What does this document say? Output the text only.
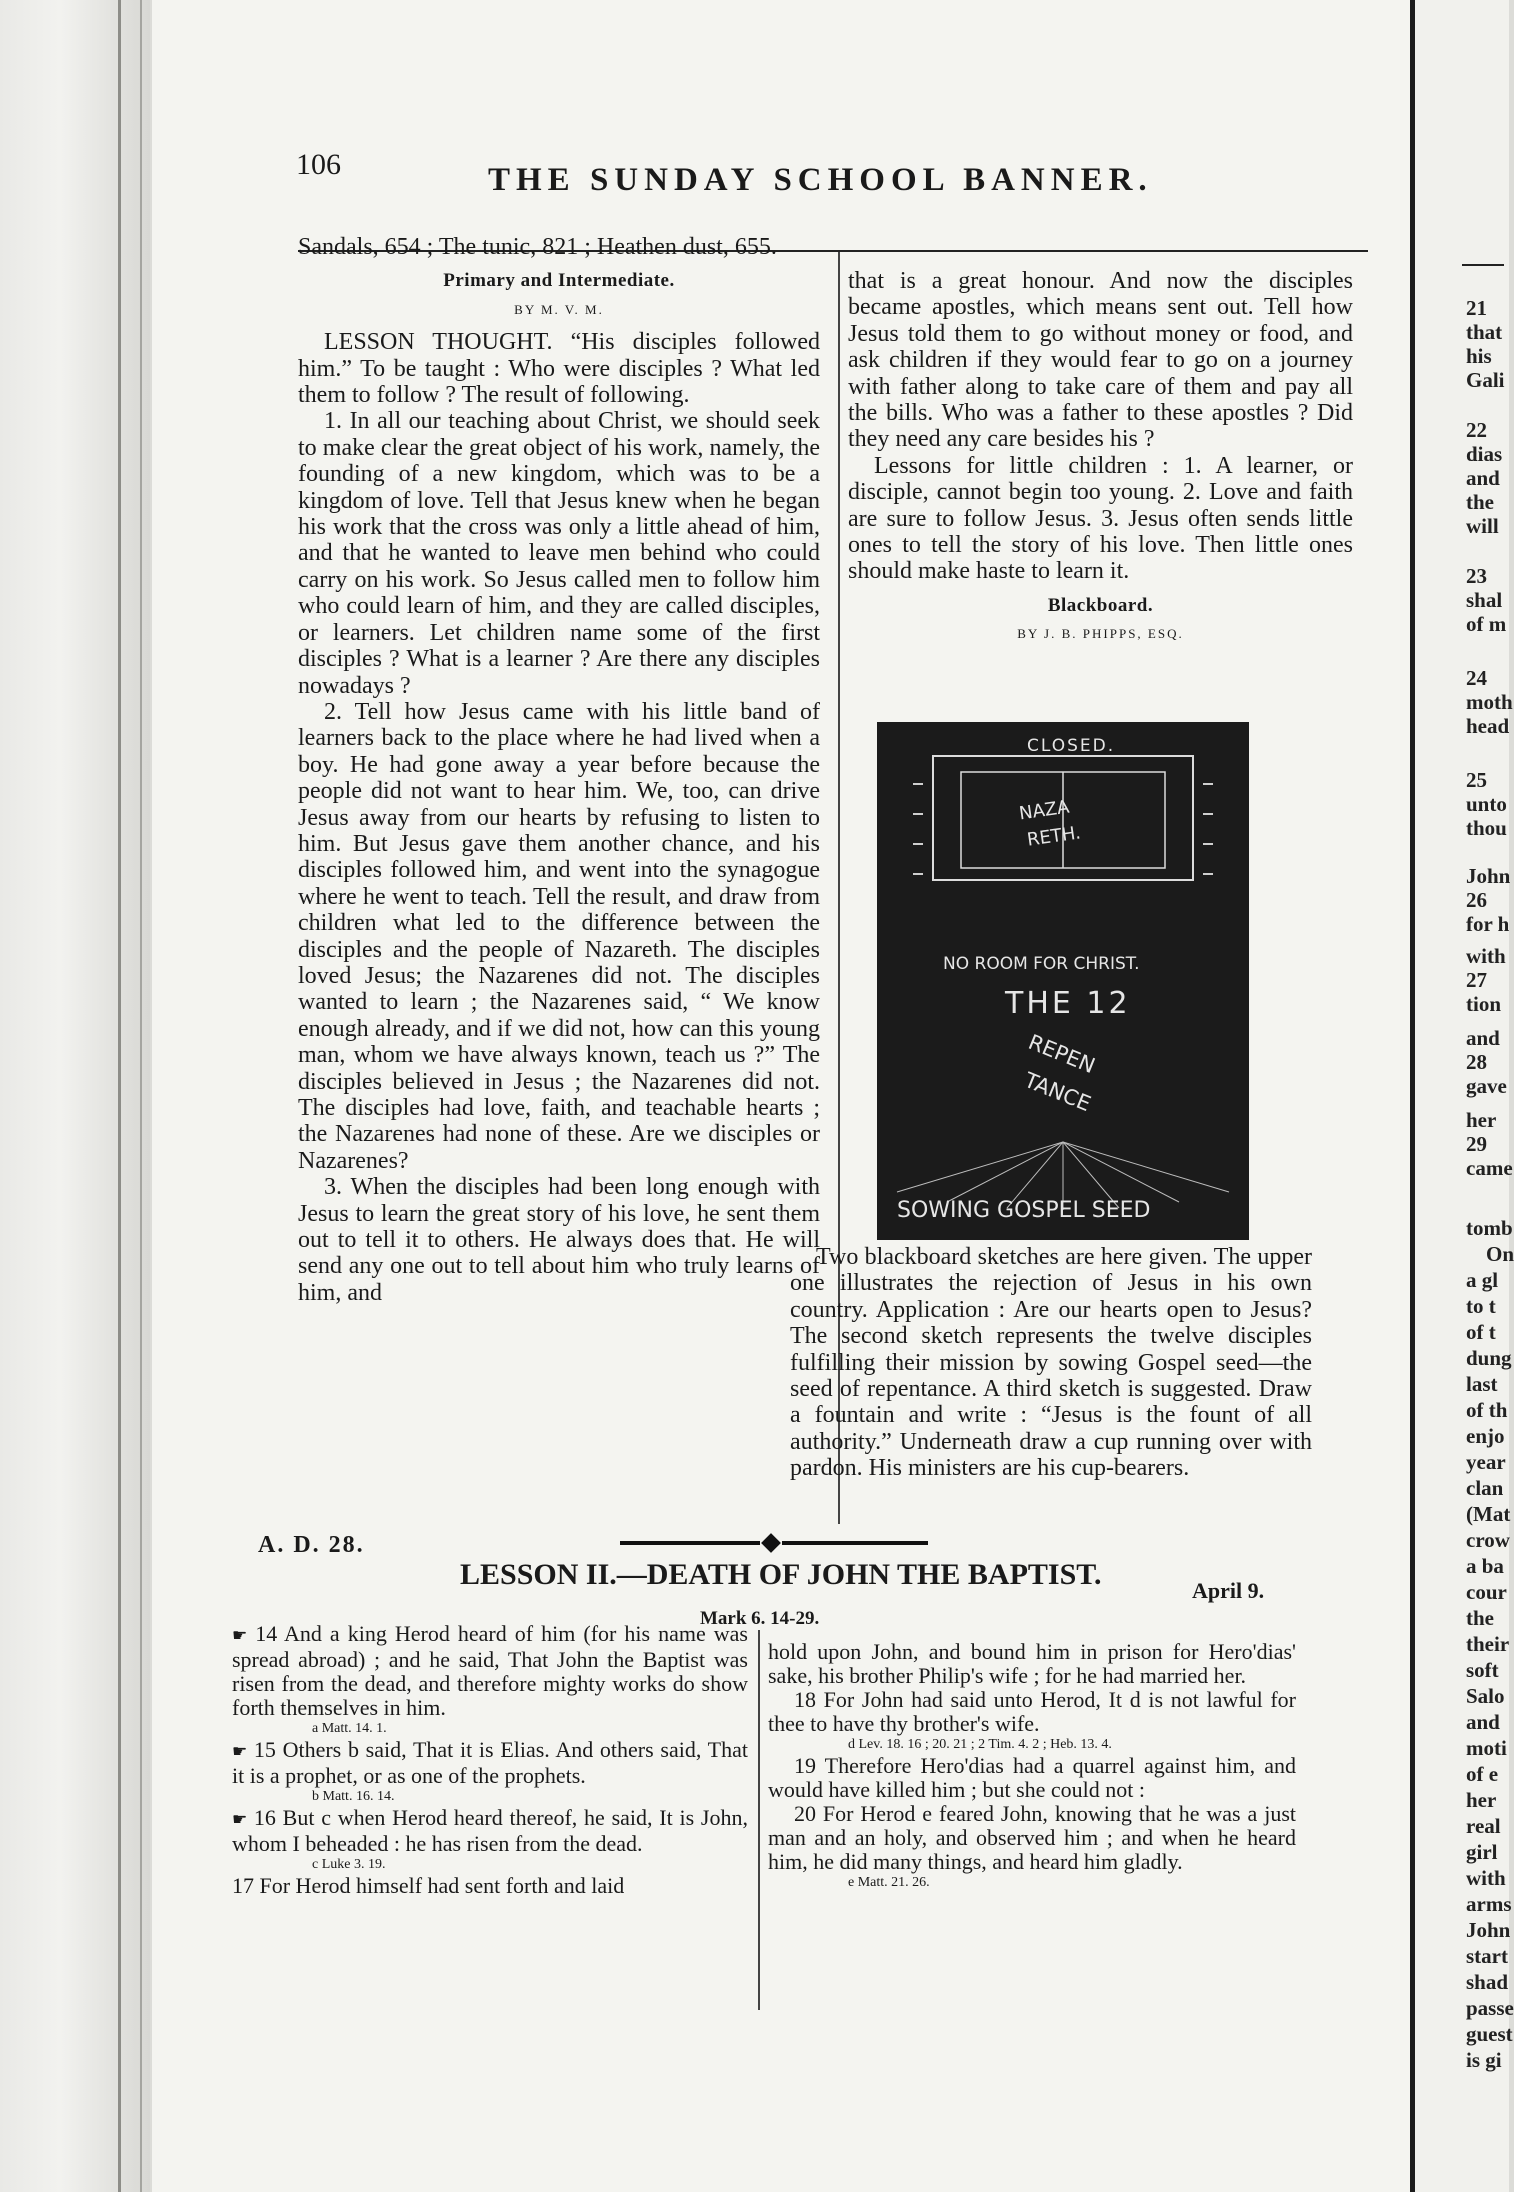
106	THE SUNDAY SCHOOL BANNER.

Sandals, 654 ; The tunic, 821 ; Heathen dust, 655.

Primary and Intermediate.
BY M. V. M.

LESSON THOUGHT. “His disciples followed him.” To be taught : Who were disciples ? What led them to follow ? The result of following.

1. In all our teaching about Christ, we should seek to make clear the great object of his work, namely, the founding of a new kingdom, which was to be a kingdom of love. Tell that Jesus knew when he began his work that the cross was only a little ahead of him, and that he wanted to leave men behind who could carry on his work. So Jesus called men to follow him who could learn of him, and they are called disciples, or learners. Let children name some of the first disciples ? What is a learner ? Are there any disciples nowadays ?

2. Tell how Jesus came with his little band of learners back to the place where he had lived when a boy. He had gone away a year before because the people did not want to hear him. We, too, can drive Jesus away from our hearts by refusing to listen to him. But Jesus gave them another chance, and his disciples followed him, and went into the synagogue where he went to teach. Tell the result, and draw from children what led to the difference between the disciples and the people of Nazareth. The disciples loved Jesus; the Nazarenes did not. The disciples wanted to learn ; the Nazarenes said, “ We know enough already, and if we did not, how can this young man, whom we have always known, teach us ?” The disciples believed in Jesus ; the Nazarenes did not. The disciples had love, faith, and teachable hearts ; the Nazarenes had none of these. Are we disciples or Nazarenes?

3. When the disciples had been long enough with Jesus to learn the great story of his love, he sent them out to tell it to others. He always does that. He will send any one out to tell about him who truly learns of him, and

that is a great honour. And now the disciples became apostles, which means sent out. Tell how Jesus told them to go without money or food, and ask children if they would fear to go on a journey with father along to take care of them and pay all the bills. Who was a father to these apostles ? Did they need any care besides his ?

Lessons for little children : 1. A learner, or disciple, cannot begin too young. 2. Love and faith are sure to follow Jesus. 3. Jesus often sends little ones to tell the story of his love. Then little ones should make haste to learn it.

Blackboard.
BY J. B. PHIPPS, ESQ.
CLOSED.
NAZA
RETH.
NO ROOM FOR CHRIST.
THE 12
REPEN
TANCE
SOWING GOSPEL SEED

Two blackboard sketches are here given. The upper one illustrates the rejection of Jesus in his own country. Application : Are our hearts open to Jesus? The second sketch represents the twelve disciples fulfilling their mission by sowing Gospel seed—the seed of repentance. A third sketch is suggested. Draw a fountain and write : “Jesus is the fount of all authority.” Underneath draw a cup running over with pardon. His ministers are his cup-bearers.

A. D. 28.
LESSON II.—DEATH OF JOHN THE BAPTIST.	April 9.
Mark 6. 14-29.

☛ 14 And a king Herod heard of him (for his name was spread abroad) ; and he said, That John the Baptist was risen from the dead, and therefore mighty works do show forth themselves in him.

a Matt. 14. 1.

☛ 15 Others b said, That it is Elias. And others said, That it is a prophet, or as one of the prophets.

b Matt. 16. 14.

☛ 16 But c when Herod heard thereof, he said, It is John, whom I beheaded : he has risen from the dead.

c Luke 3. 19.

17 For Herod himself had sent forth and laid

hold upon John, and bound him in prison for Hero'dias' sake, his brother Philip's wife ; for he had married her.

18 For John had said unto Herod, It d is not lawful for thee to have thy brother's wife.

d Lev. 18. 16 ; 20. 21 ; 2 Tim. 4. 2 ; Heb. 13. 4.

19 Therefore Hero'dias had a quarrel against him, and would have killed him ; but she could not :

20 For Herod e feared John, knowing that he was a just man and an holy, and observed him ; and when he heard him, he did many things, and heard him gladly.

e Matt. 21. 26.

21
that
his
Gali
22
dias
and
the
will
23
shal
of m
24
moth
head
25
unto
thou
John
26
for h
with
27
tion
and
28
gave
her
29
came
tomb
On
a gl
to t
of t
dung
last
of th
enjo
year
clan
(Mat
crow
a ba
cour
the
their
soft
Salo
and
moti
of e
her
real
girl
with
arms
John
start
shad
passe
guest
is gi
